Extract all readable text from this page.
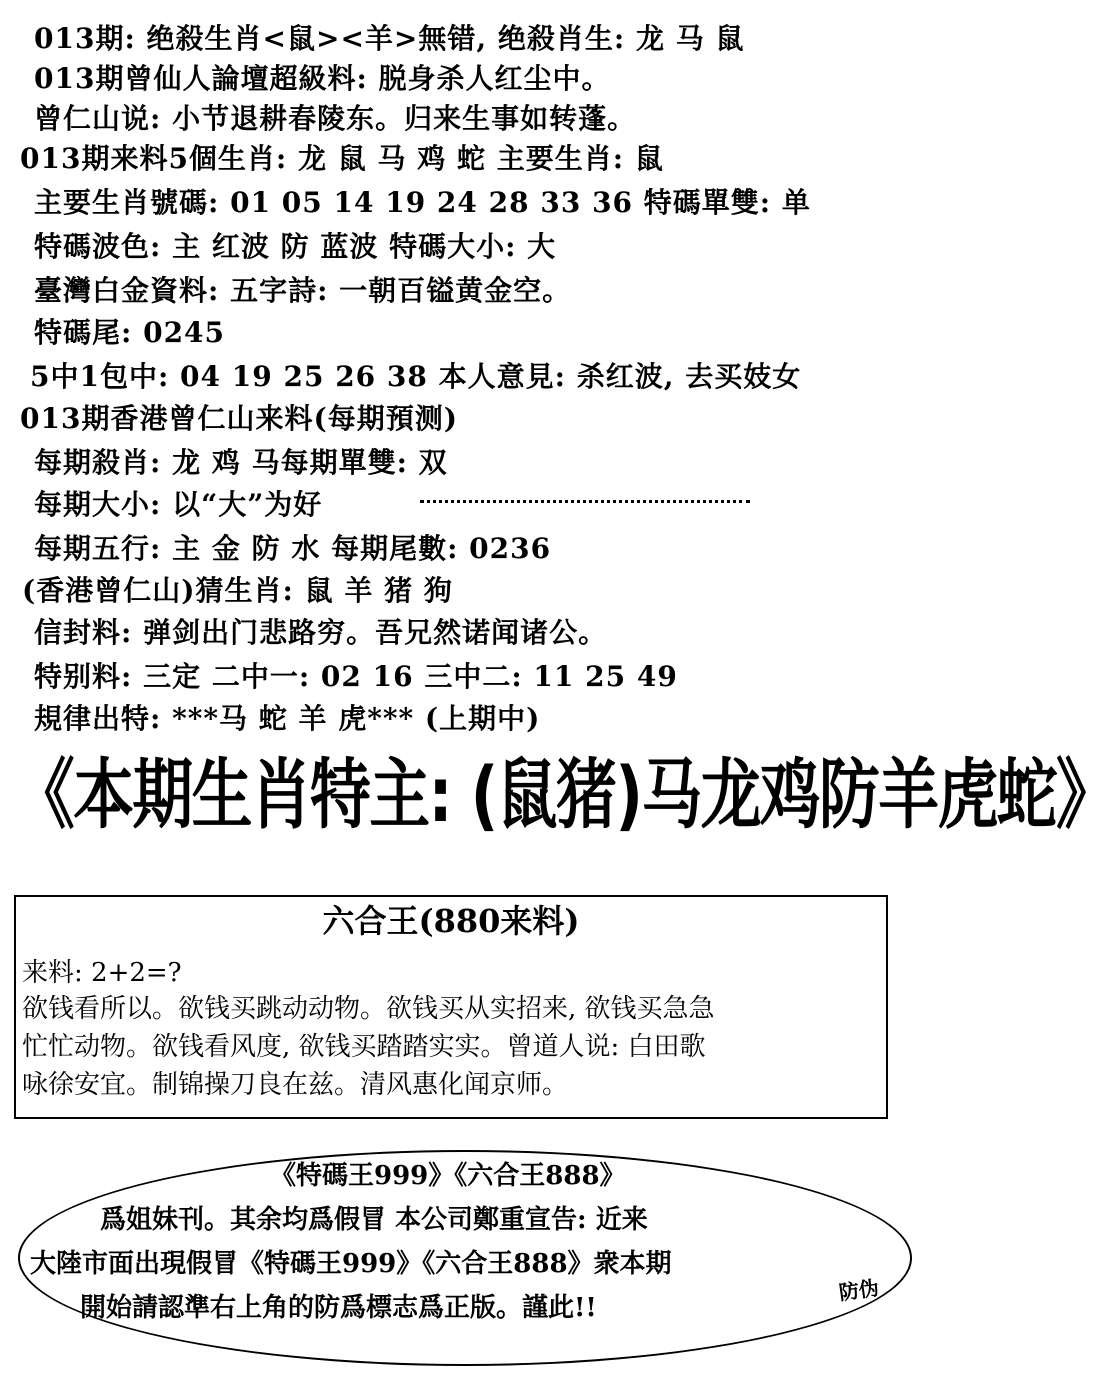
013期: 绝殺生肖<鼠><羊>無错, 绝殺肖生: 龙 马 鼠
013期曾仙人論壇超級料: 脱身杀人红尘中。
曾仁山说: 小节退耕春陵东。归来生事如转蓬。
013期来料5個生肖: 龙 鼠 马 鸡 蛇 主要生肖: 鼠
主要生肖號碼: 01 05 14 19 24 28 33 36 特碼單雙: 单
特碼波色: 主 红波 防 蓝波 特碼大小: 大
臺灣白金資料: 五字詩: 一朝百镒黄金空。
特碼尾: 0245
5中1包中: 04 19 25 26 38 本人意見: 杀红波, 去买妓女
013期香港曾仁山来料(每期預测)
每期殺肖: 龙 鸡 马每期單雙: 双
每期大小: 以“大”为好
每期五行: 主 金 防 水 每期尾數: 0236
(香港曾仁山)猜生肖: 鼠 羊 猪 狗
信封料: 弹剑出门悲路穷。吾兄然诺闻诸公。
特别料: 三定 二中一: 02 16 三中二: 11 25 49
規律出特: ***马 蛇 羊 虎*** (上期中)
《本期生肖特主: (鼠猪)马龙鸡防羊虎蛇》
六合王(880来料)
来料: 2+2=?
欲钱看所以。欲钱买跳动动物。欲钱买从实招来, 欲钱买急急
忙忙动物。欲钱看风度, 欲钱买踏踏实实。曾道人说: 白田歌
咏徐安宜。制锦操刀良在兹。清风惠化闻京师。
《特碼王999》《六合王888》
爲姐妹刊。其余均爲假冒 本公司鄭重宣告: 近来
大陸市面出現假冒《特碼王999》《六合王888》衆本期
開始請認準右上角的防爲標志爲正版。謹此!!
防伪
